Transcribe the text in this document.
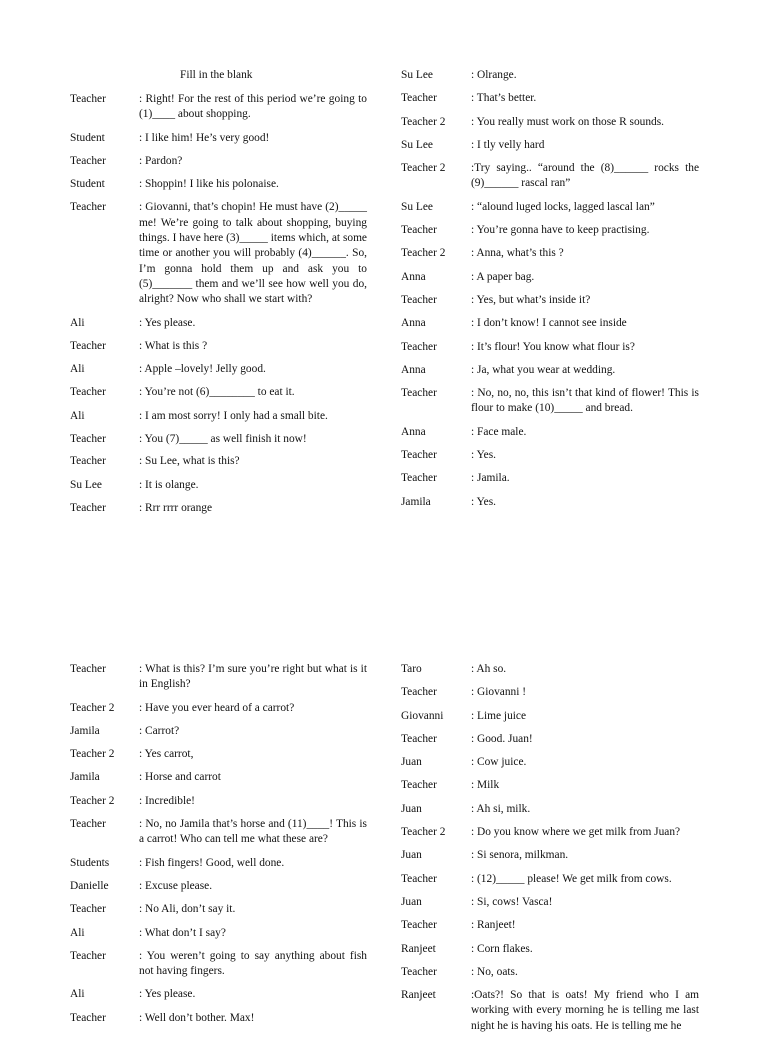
Fill in the blank
Teacher	: Right! For the rest of this period we’re going to (1)____ about shopping.
Student	: I like him! He’s very good!
Teacher	: Pardon?
Student	: Shoppin! I like his polonaise.
Teacher	: Giovanni, that’s chopin! He must have (2)_____ me! We’re going to talk about shopping, buying things. I have here (3)_____ items which, at some time or another you will probably (4)______. So, I’m gonna hold them up and ask you to (5)_______ them and we’ll see how well you do, alright? Now who shall we start with?
Ali	: Yes please.
Teacher	: What is this ?
Ali	: Apple –lovely! Jelly good.
Teacher	: You’re not (6)________ to eat it.
Ali	: I am most sorry! I only had a small bite.
Teacher	: You (7)_____ as well finish it now!
Teacher	: Su Lee, what is this?
Su Lee	: It is olange.
Teacher	: Rrr rrrr orange
Su Lee	: Olrange.
Teacher	: That’s better.
Teacher 2	: You really must work on those R sounds.
Su Lee	: I tly velly hard
Teacher 2	:Try saying.. “around the (8)______ rocks the (9)______ rascal ran”
Su Lee	: “alound luged locks, lagged lascal lan”
Teacher	: You’re gonna have to keep practising.
Teacher 2	: Anna, what’s this ?
Anna	: A paper bag.
Teacher	: Yes, but what’s inside it?
Anna	: I don’t know! I cannot see inside
Teacher	: It’s flour! You know what flour is?
Anna	: Ja, what you wear at wedding.
Teacher	: No, no, no, this isn’t that kind of flower! This is flour to make (10)_____ and bread.
Anna	: Face male.
Teacher	: Yes.
Teacher	: Jamila.
Jamila	: Yes.
Teacher	: What is this? I’m sure you’re right but what is it in English?
Teacher 2	: Have you ever heard of a carrot?
Jamila	: Carrot?
Teacher 2	: Yes carrot,
Jamila	: Horse and carrot
Teacher 2	: Incredible!
Teacher	: No, no Jamila that’s horse and (11)____! This is a carrot! Who can tell me what these are?
Students	: Fish fingers! Good, well done.
Danielle	: Excuse please.
Teacher	: No Ali, don’t say it.
Ali	: What don’t I say?
Teacher	: You weren’t going to say anything about fish not having fingers.
Ali	: Yes please.
Teacher	: Well don’t bother. Max!
Taro	: Ah so.
Teacher	: Giovanni !
Giovanni	: Lime juice
Teacher	: Good. Juan!
Juan	: Cow juice.
Teacher	: Milk
Juan	: Ah si, milk.
Teacher 2	: Do you know where we get milk from Juan?
Juan	: Si senora, milkman.
Teacher	: (12)_____ please! We get milk from cows.
Juan	: Si, cows! Vasca!
Teacher	: Ranjeet!
Ranjeet	: Corn flakes.
Teacher	: No, oats.
Ranjeet	:Oats?! So that is oats! My friend who I am working with every morning he is telling me last night he is having his oats. He is telling me he
